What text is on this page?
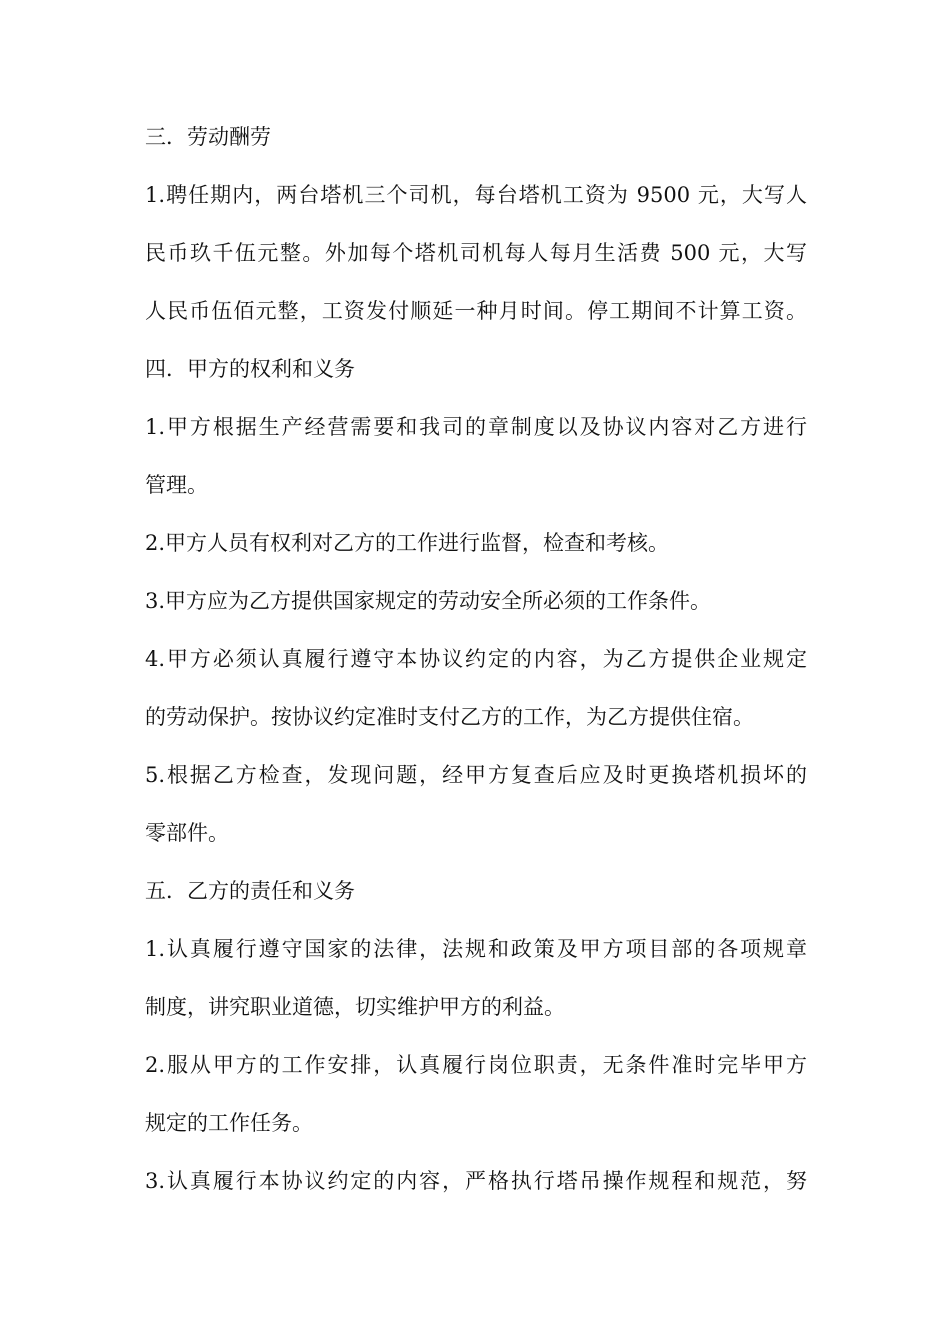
三．劳动酬劳
1.聘任期内，两台塔机三个司机，每台塔机工资为 9500 元，大写人
民币玖千伍元整。外加每个塔机司机每人每月生活费 500 元，大写
人民币伍佰元整，工资发付顺延一种月时间。停工期间不计算工资。
四．甲方的权利和义务
1.甲方根据生产经营需要和我司的章制度以及协议内容对乙方进行
管理。
2.甲方人员有权利对乙方的工作进行监督，检查和考核。
3.甲方应为乙方提供国家规定的劳动安全所必须的工作条件。
4.甲方必须认真履行遵守本协议约定的内容，为乙方提供企业规定
的劳动保护。按协议约定准时支付乙方的工作，为乙方提供住宿。
5.根据乙方检查，发现问题，经甲方复查后应及时更换塔机损坏的
零部件。
五．乙方的责任和义务
1.认真履行遵守国家的法律，法规和政策及甲方项目部的各项规章
制度，讲究职业道德，切实维护甲方的利益。
2.服从甲方的工作安排，认真履行岗位职责，无条件准时完毕甲方
规定的工作任务。
3.认真履行本协议约定的内容，严格执行塔吊操作规程和规范，努
